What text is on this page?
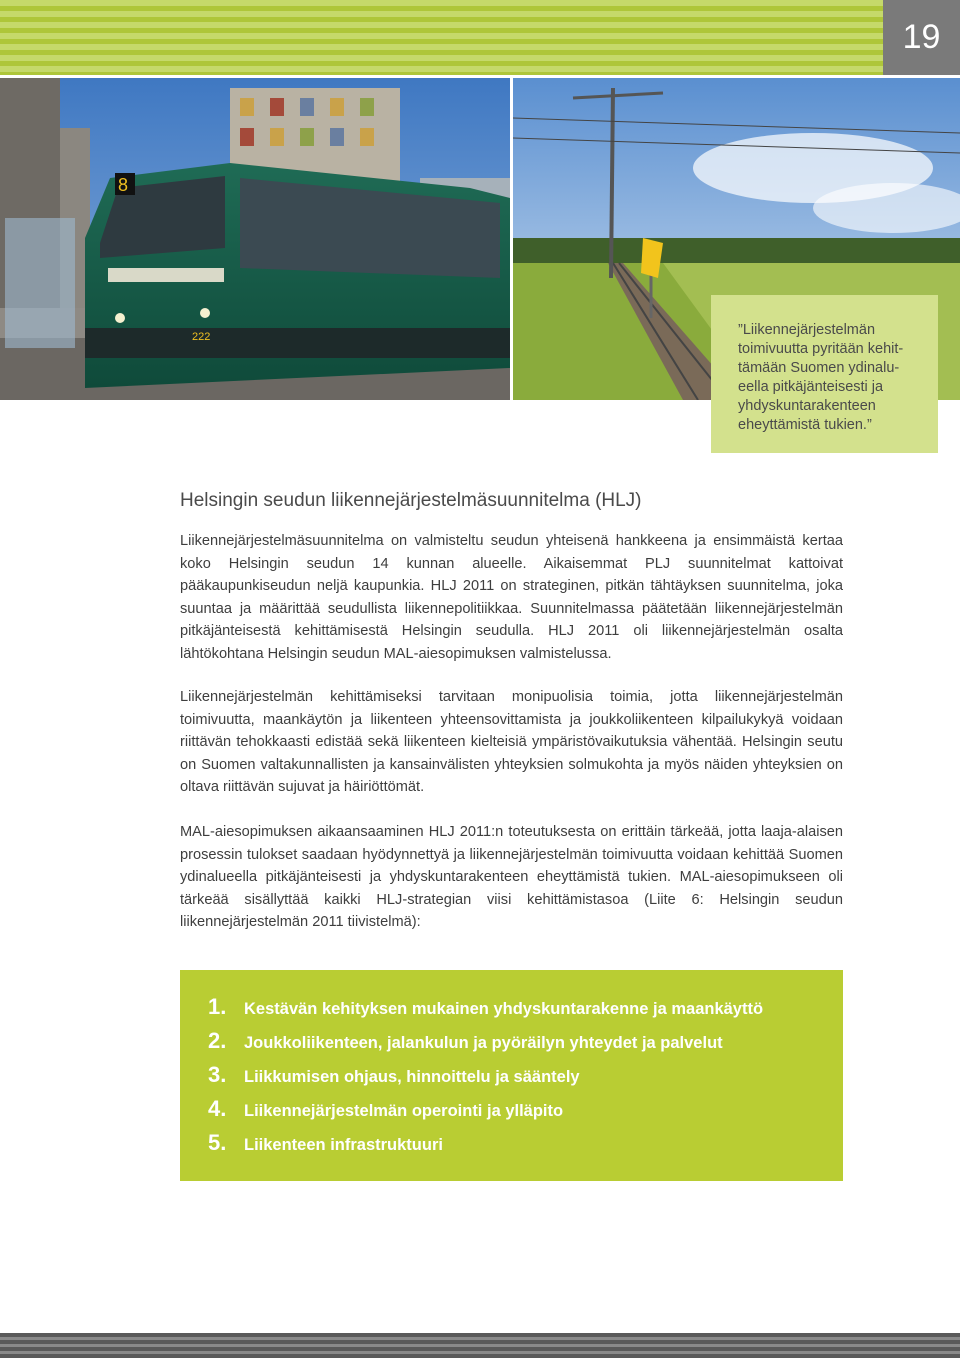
19
8
222	”Liikennejärjestelmän
toimivuutta pyritään kehit-
tämään Suomen ydinalu-
eella pitkäjänteisesti ja
yhdyskuntarakenteen
eheyttämistä tukien.”

Helsingin seudun liikennejärjestelmäsuunnitelma (HLJ)

Liikennejärjestelmäsuunnitelma on valmisteltu seudun yhteisenä hankkeena ja ensimmäistä kertaa koko Helsingin seudun 14 kunnan alueelle. Aikaisemmat PLJ suunnitelmat kattoivat pääkaupunkiseudun neljä kaupunkia. HLJ 2011 on strateginen, pitkän tähtäyksen suunnitelma, joka suuntaa ja määrittää seudullista liikennepolitiikkaa. Suunnitelmassa päätetään liikennejärjestelmän pitkäjänteisestä kehittämisestä Helsingin seudulla. HLJ 2011 oli liikennejärjestelmän osalta lähtökohtana Helsingin seudun MAL-aiesopimuksen valmistelussa.

Liikennejärjestelmän kehittämiseksi tarvitaan monipuolisia toimia, jotta liikennejärjestelmän toimivuutta, maankäytön ja liikenteen yhteensovittamista ja joukkoliikenteen kilpailukykyä voidaan riittävän tehokkaasti edistää sekä liikenteen kielteisiä ympäristövaikutuksia vähentää. Helsingin seutu on Suomen valtakunnallisten ja kansainvälisten yhteyksien solmukohta ja myös näiden yhteyksien on oltava riittävän sujuvat ja häiriöttömät.

MAL-aiesopimuksen aikaansaaminen HLJ 2011:n toteutuksesta on erittäin tärkeää, jotta laaja-alaisen prosessin tulokset saadaan hyödynnettyä ja liikennejärjestelmän toimivuutta voidaan kehittää Suomen ydinalueella pitkäjänteisesti ja yhdyskuntarakenteen eheyttämistä tukien. MAL-aiesopimukseen oli tärkeää sisällyttää kaikki HLJ-strategian viisi kehittämistasoa (Liite 6: Helsingin seudun liikennejärjestelmän 2011 tiivistelmä):

1.	Kestävän kehityksen mukainen yhdyskuntarakenne ja maankäyttö
2.	Joukkoliikenteen, jalankulun ja pyöräilyn yhteydet ja palvelut
3.	Liikkumisen ohjaus, hinnoittelu ja sääntely
4.	Liikennejärjestelmän operointi ja ylläpito
5.	Liikenteen infrastruktuuri
